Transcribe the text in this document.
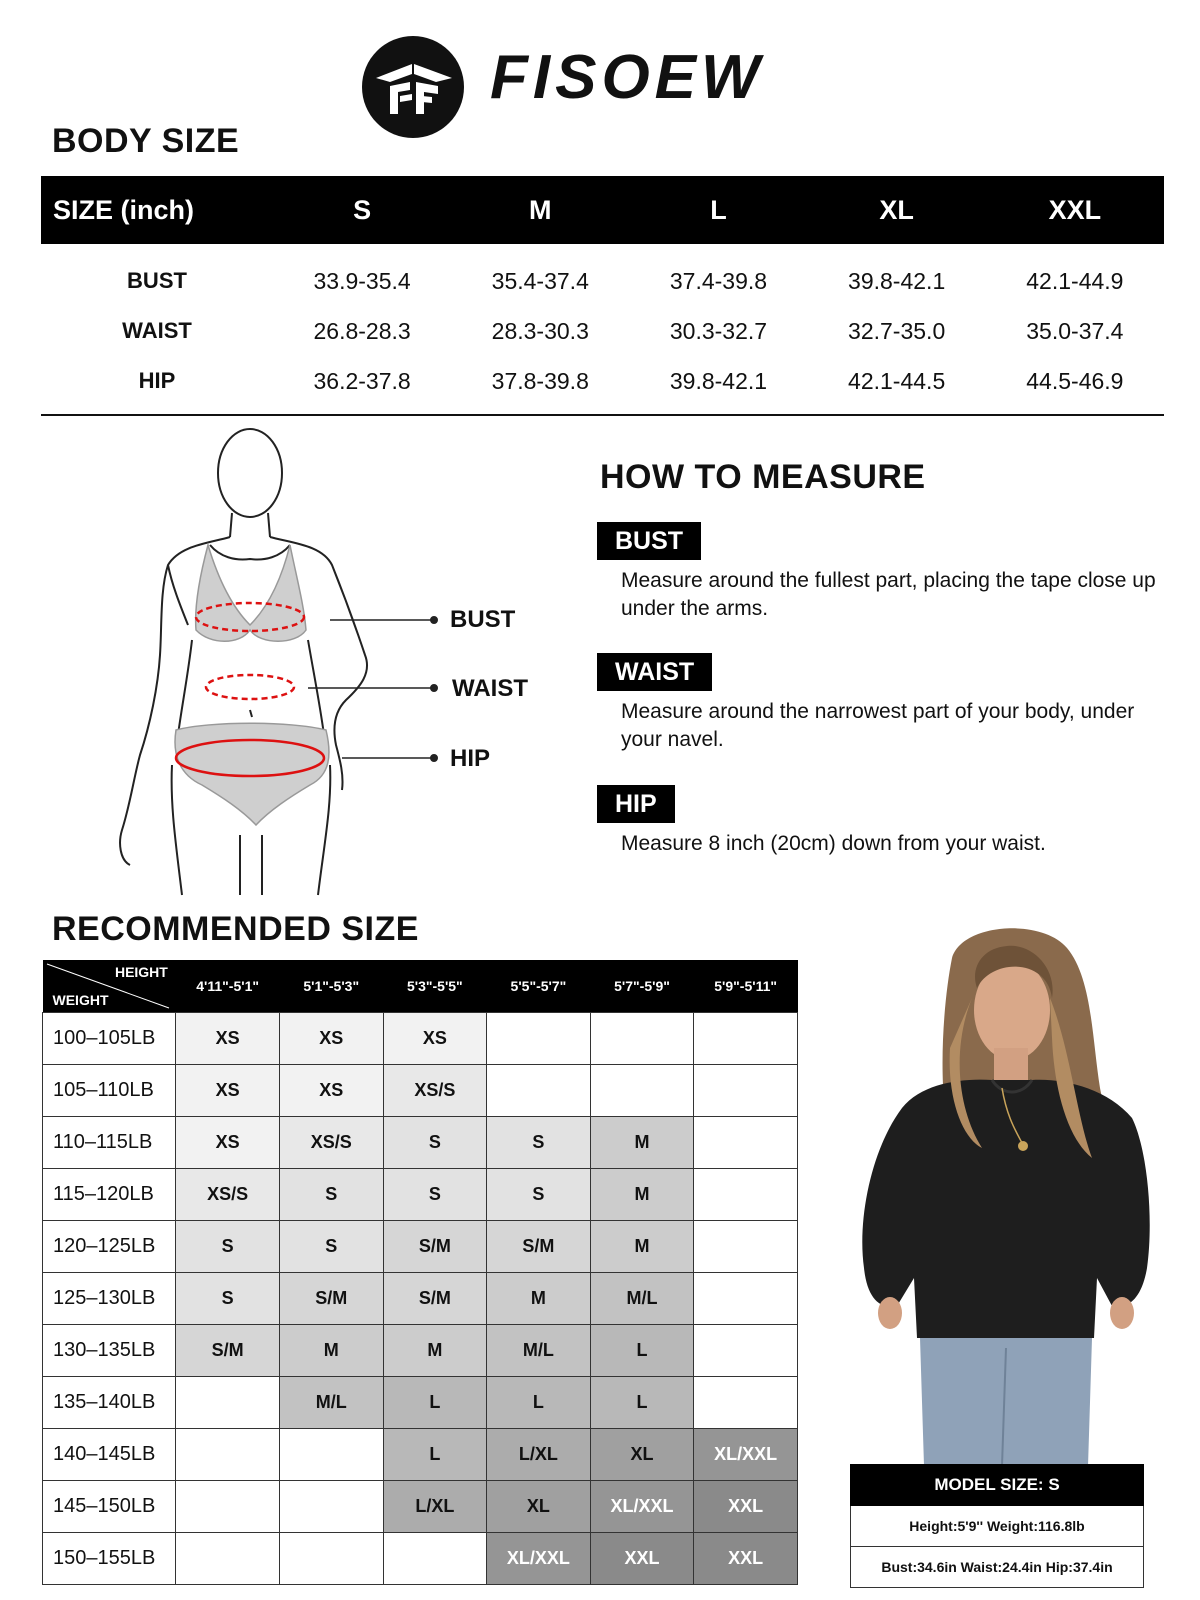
FISOEW
BODY SIZE
SIZE (inch)	S	M	L	XL	XXL
BUST	33.9-35.4	35.4-37.4	37.4-39.8	39.8-42.1	42.1-44.9
WAIST	26.8-28.3	28.3-30.3	30.3-32.7	32.7-35.0	35.0-37.4
HIP	36.2-37.8	37.8-39.8	39.8-42.1	42.1-44.5	44.5-46.9
BUST
WAIST
HIP
HOW TO MEASURE
BUST
Measure around the fullest part, placing the tape close up under the arms.
WAIST
Measure around the narrowest part of your body, under your navel.
HIP
Measure 8 inch (20cm) down from your waist.
RECOMMENDED SIZE
HEIGHT
WEIGHT	4'11"-5'1"	5'1"-5'3"	5'3"-5'5"	5'5"-5'7"	5'7"-5'9"	5'9"-5'11"
100–105LB	XS	XS	XS			
105–110LB	XS	XS	XS/S			
110–115LB	XS	XS/S	S	S	M	
115–120LB	XS/S	S	S	S	M	
120–125LB	S	S	S/M	S/M	M	
125–130LB	S	S/M	S/M	M	M/L	
130–135LB	S/M	M	M	M/L	L	
135–140LB		M/L	L	L	L	
140–145LB			L	L/XL	XL	XL/XXL
145–150LB			L/XL	XL	XL/XXL	XXL
150–155LB				XL/XXL	XXL	XXL
MODEL SIZE: S
Height:5'9'' Weight:116.8lb
Bust:34.6in Waist:24.4in Hip:37.4in
